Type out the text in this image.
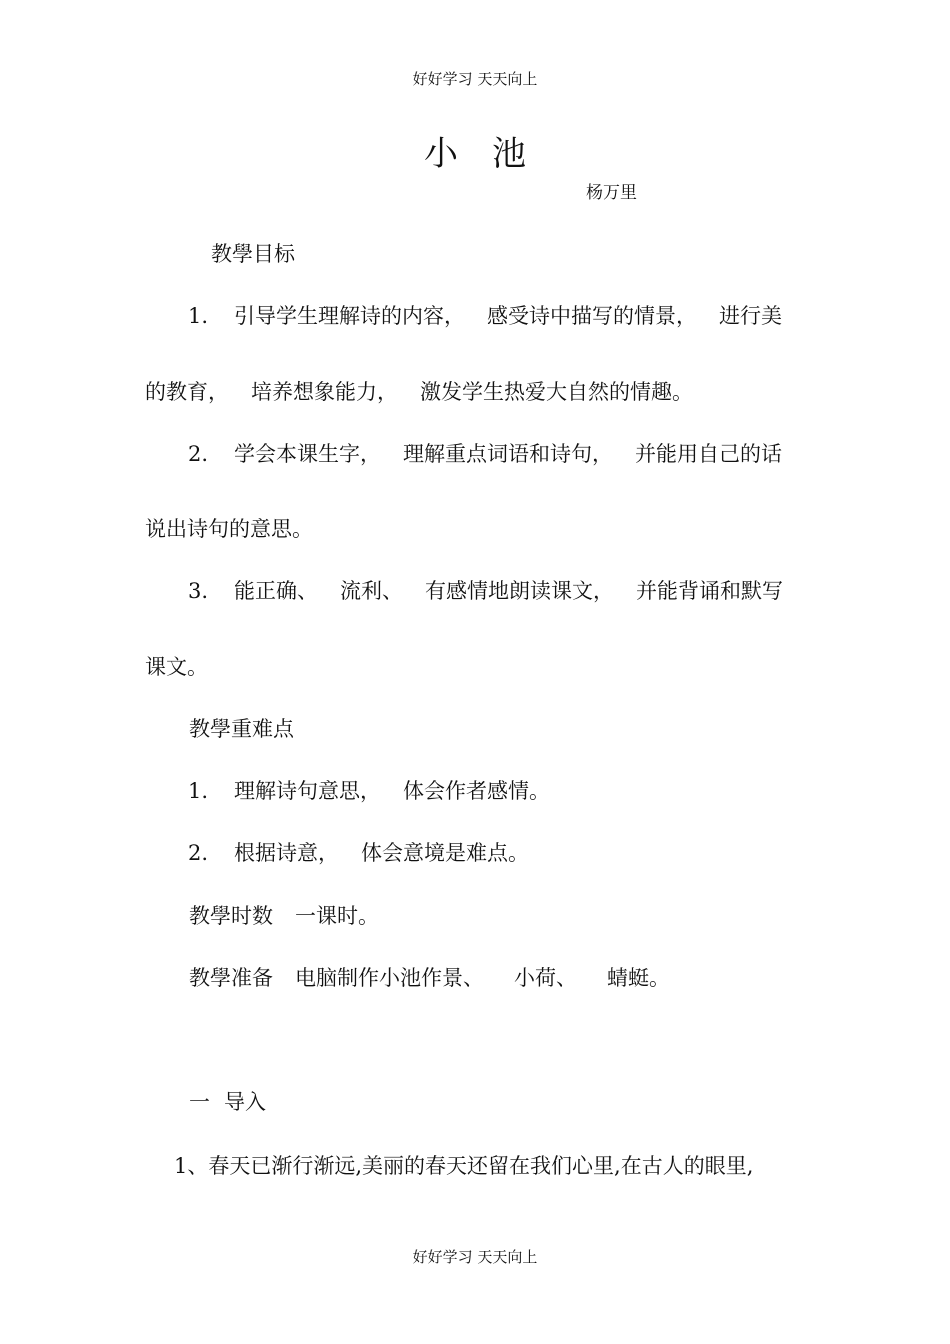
好好学习 天天向上
小池
杨万里
教學目标
1. 引导学生理解诗的内容， 感受诗中描写的情景， 进行美
的教育， 培养想象能力， 激发学生热爱大自然的情趣。
2. 学会本课生字， 理解重点词语和诗句， 并能用自己的话
说出诗句的意思。
3. 能正确、 流利、 有感情地朗读课文， 并能背诵和默写
课文。
教學重难点
1. 理解诗句意思， 体会作者感情。
2. 根据诗意， 体会意境是难点。
教學时数 一课时。
教學准备 电脑制作小池作景、 小荷、 蜻蜓。
一 导入
1、春天已渐行渐远,美丽的春天还留在我们心里,在古人的眼里,
好好学习 天天向上
